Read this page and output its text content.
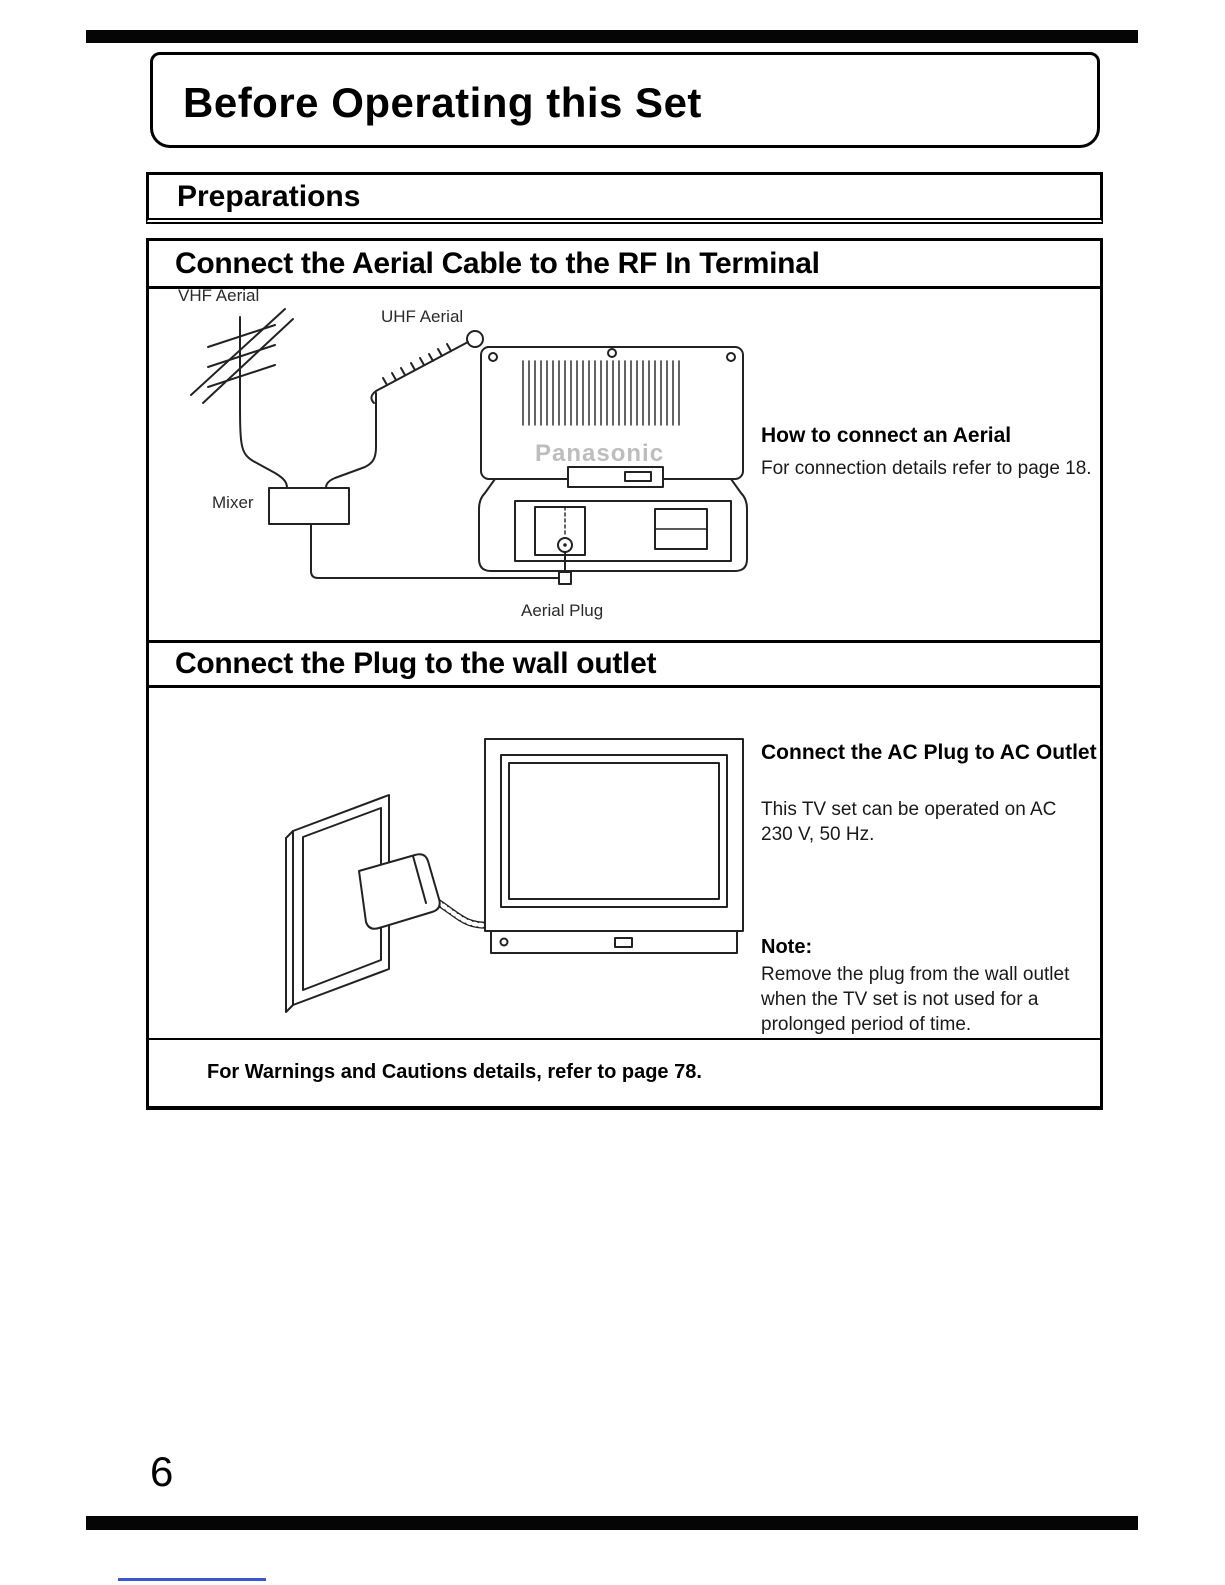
Before Operating this Set
Preparations
Connect the Aerial Cable to the RF In Terminal
Panasonic
VHF Aerial
UHF Aerial
Mixer
Aerial Plug
How to connect an Aerial
For connection details refer to page 18.
Connect the Plug to the wall outlet
Connect the AC Plug to AC Outlet
This TV set can be operated on AC 230 V, 50 Hz.
Note:
Remove the plug from the wall outlet when the TV set is not used for a prolonged period of time.
For Warnings and Cautions details, refer to page 78.
6
